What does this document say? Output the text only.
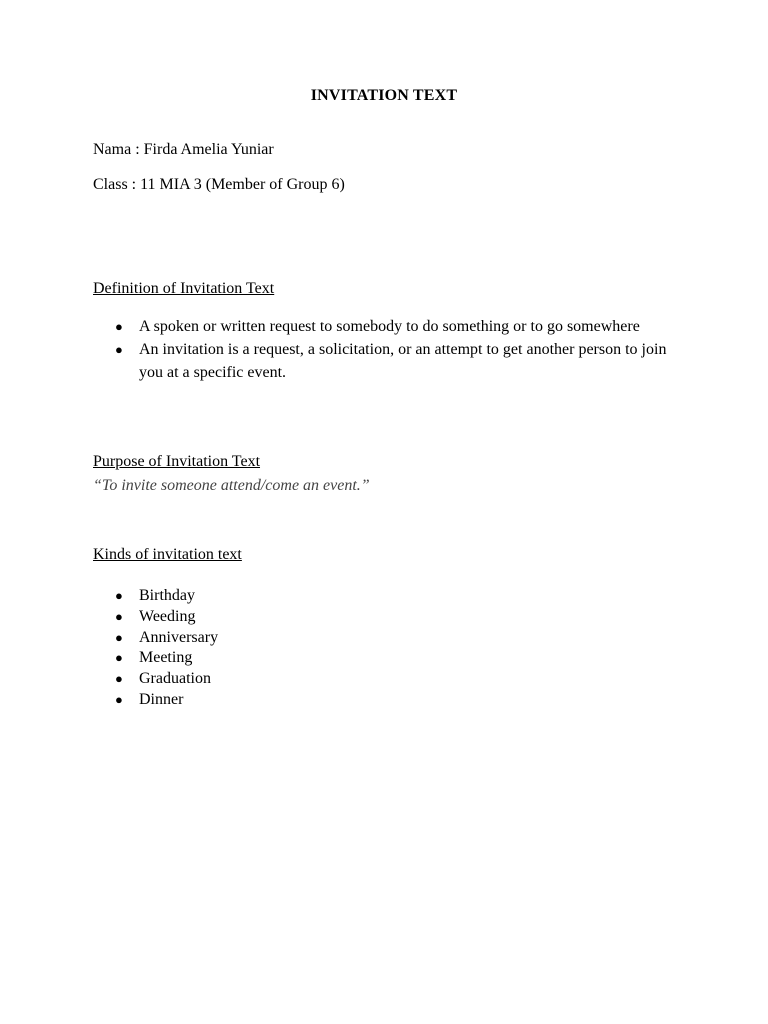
INVITATION TEXT
Nama : Firda Amelia Yuniar
Class : 11 MIA 3 (Member of Group 6)
Definition of Invitation Text
● A spoken or written request to somebody to do something or to go somewhere
● An invitation is a request, a solicitation, or an attempt to get another person to join you at a specific event.
Purpose of Invitation Text
“To invite someone attend/come an event.”
Kinds of invitation text
● Birthday
● Weeding
● Anniversary
● Meeting
● Graduation
● Dinner
